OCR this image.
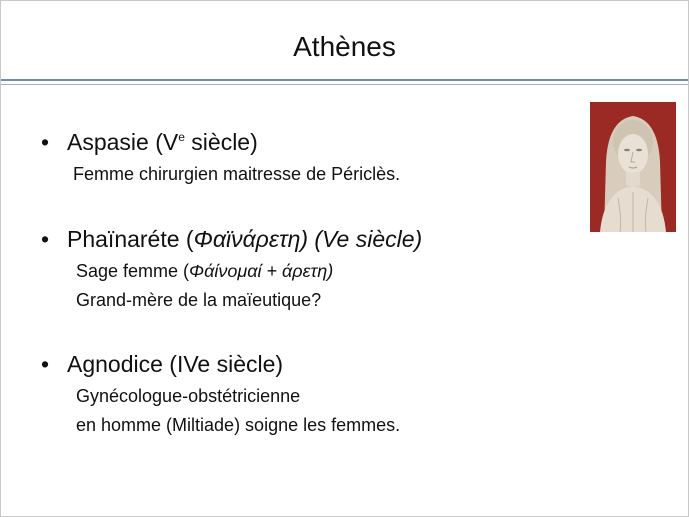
Athènes
• Aspasie (Ve siècle)
Femme chirurgien maitresse de Périclès.
• Phaïnaréte (Φαϊνάρετη) (Ve siècle)
Sage femme (Φάίνομαί + άρετη)
Grand-mère de la maïeutique?
• Agnodice (IVe siècle)
Gynécologue-obstétricienne
en homme (Miltiade) soigne les femmes.
